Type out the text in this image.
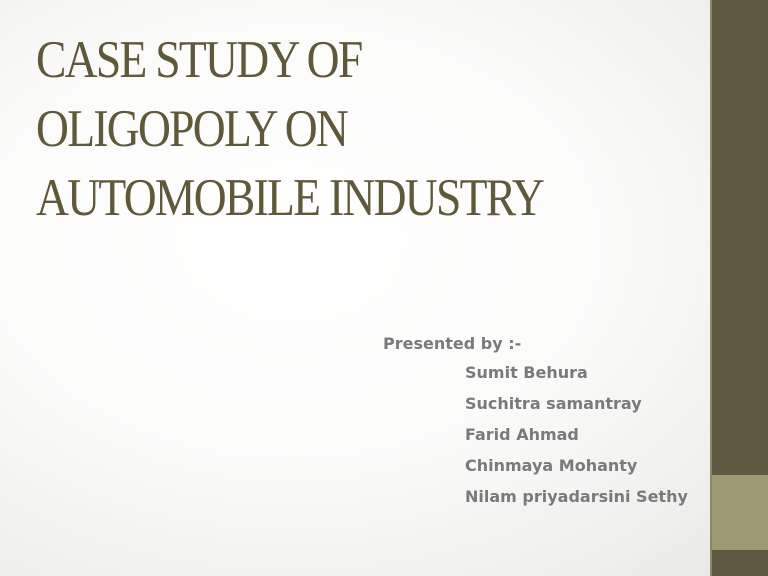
CASE STUDY OF
OLIGOPOLY ON
AUTOMOBILE INDUSTRY
Presented by :-
Sumit Behura
Suchitra samantray
Farid Ahmad
Chinmaya Mohanty
Nilam priyadarsini Sethy
